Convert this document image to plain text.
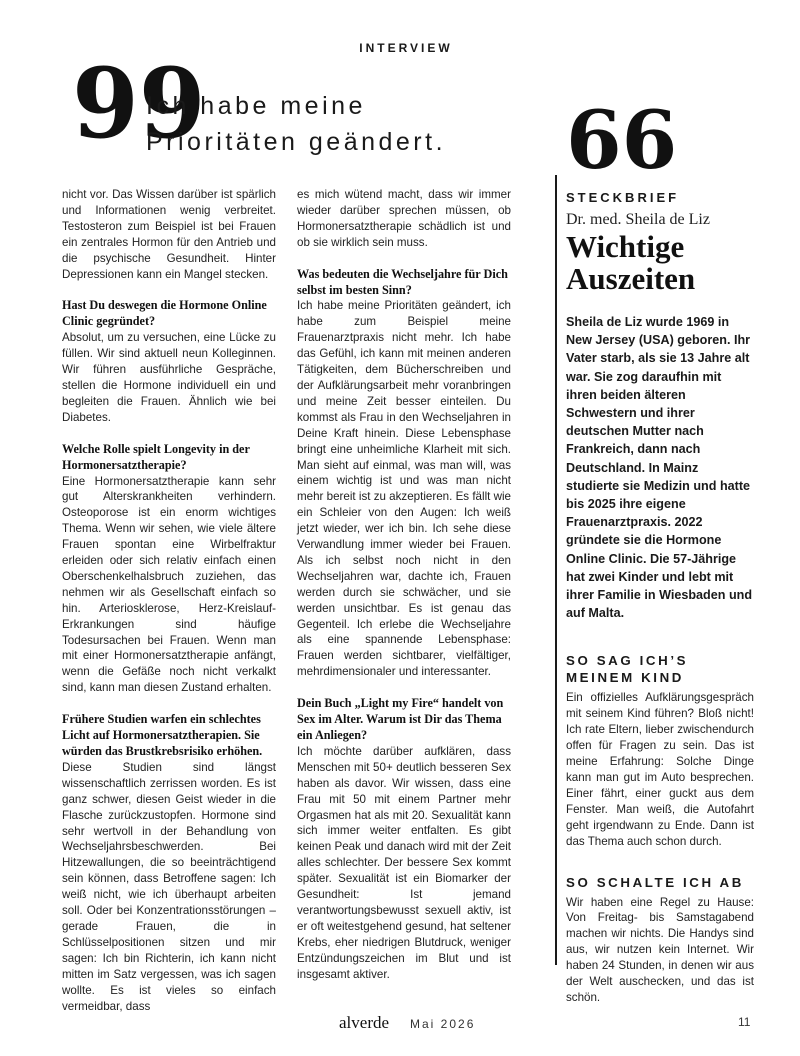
INTERVIEW
99
Ich habe meine
Prioritäten geändert.

nicht vor. Das Wissen darüber ist spärlich und Informationen wenig verbreitet. Testosteron zum Beispiel ist bei Frauen ein zentrales Hormon für den Antrieb und die psychische Gesundheit. Hinter Depressionen kann ein Mangel stecken.

Hast Du deswegen die Hormone Online Clinic gegründet?

Absolut, um zu versuchen, eine Lücke zu füllen. Wir sind aktuell neun Kolleginnen. Wir führen ausführliche Gespräche, stellen die Hormone individuell ein und begleiten die Frauen. Ähnlich wie bei Diabetes.

Welche Rolle spielt Longevity in der Hormonersatztherapie?

Eine Hormonersatztherapie kann sehr gut Alterskrankheiten verhindern. Osteoporose ist ein enorm wichtiges Thema. Wenn wir sehen, wie viele ältere Frauen spontan eine Wirbelfraktur erleiden oder sich relativ einfach einen Oberschenkelhalsbruch zuziehen, das nehmen wir als Gesellschaft einfach so hin. Arteriosklerose, Herz-Kreislauf-Erkrankungen sind häufige Todesursachen bei Frauen. Wenn man mit einer Hormonersatztherapie anfängt, wenn die Gefäße noch nicht verkalkt sind, kann man diesen Zustand erhalten.

Frühere Studien warfen ein schlechtes Licht auf Hormonersatztherapien. Sie würden das Brustkrebsrisiko erhöhen.

Diese Studien sind längst wissenschaftlich zerrissen worden. Es ist ganz schwer, diesen Geist wieder in die Flasche zurückzustopfen. Hormone sind sehr wertvoll in der Behandlung von Wechseljahrsbeschwerden. Bei Hitzewallungen, die so beeinträchtigend sein können, dass Betroffene sagen: Ich weiß nicht, wie ich überhaupt arbeiten soll. Oder bei Konzentrationsstörungen – gerade Frauen, die in Schlüsselpositionen sitzen und mir sagen: Ich bin Richterin, ich kann nicht mitten im Satz vergessen, was ich sagen wollte. Es ist vieles so einfach vermeidbar, dass

es mich wütend macht, dass wir immer wieder darüber sprechen müssen, ob Hormonersatztherapie schädlich ist und ob sie wirklich sein muss.

Was bedeuten die Wechseljahre für Dich selbst im besten Sinn?

Ich habe meine Prioritäten geändert, ich habe zum Beispiel meine Frauenarztpraxis nicht mehr. Ich habe das Gefühl, ich kann mit meinen anderen Tätigkeiten, dem Bücherschreiben und der Aufklärungsarbeit mehr voranbringen und meine Zeit besser einteilen. Du kommst als Frau in den Wechseljahren in Deine Kraft hinein. Diese Lebensphase bringt eine unheimliche Klarheit mit sich. Man sieht auf einmal, was man will, was einem wichtig ist und was man nicht mehr bereit ist zu akzeptieren. Es fällt wie ein Schleier von den Augen: Ich weiß jetzt wieder, wer ich bin. Ich sehe diese Verwandlung immer wieder bei Frauen. Als ich selbst noch nicht in den Wechseljahren war, dachte ich, Frauen werden durch sie schwächer, und sie werden unsichtbar. Es ist genau das Gegenteil. Ich erlebe die Wechseljahre als eine spannende Lebensphase: Frauen werden sichtbarer, vielfältiger, mehrdimensionaler und interessanter.

Dein Buch „Light my Fire“ handelt von Sex im Alter. Warum ist Dir das Thema ein Anliegen?

Ich möchte darüber aufklären, dass Menschen mit 50+ deutlich besseren Sex haben als davor. Wir wissen, dass eine Frau mit 50 mit einem Partner mehr Orgasmen hat als mit 20. Sexualität kann sich immer weiter entfalten. Es gibt keinen Peak und danach wird mit der Zeit alles schlechter. Der bessere Sex kommt später. Sexualität ist ein Biomarker der Gesundheit: Ist jemand verantwortungsbewusst sexuell aktiv, ist er oft weitestgehend gesund, hat seltener Krebs, eher niedrigen Blutdruck, weniger Entzündungszeichen im Blut und ist insgesamt aktiver.

66
STECKBRIEF
Dr. med. Sheila de Liz
Wichtige
Auszeiten

Sheila de Liz wurde 1969 in New Jersey (USA) geboren. Ihr Vater starb, als sie 13 Jahre alt war. Sie zog daraufhin mit ihren beiden älteren Schwestern und ihrer deutschen Mutter nach Frankreich, dann nach Deutschland. In Mainz studierte sie Medizin und hatte bis 2025 ihre eigene Frauenarztpraxis. 2022 gründete sie die Hormone Online Clinic. Die 57-Jährige hat zwei Kinder und lebt mit ihrer Familie in Wiesbaden und auf Malta.

SO SAG ICH’S MEINEM KIND

Ein offizielles Aufklärungsgespräch mit seinem Kind führen? Bloß nicht! Ich rate Eltern, lieber zwischendurch offen für Fragen zu sein. Das ist meine Erfahrung: Solche Dinge kann man gut im Auto besprechen. Einer fährt, einer guckt aus dem Fenster. Man weiß, die Autofahrt geht irgendwann zu Ende. Dann ist das Thema auch schon durch.

SO SCHALTE ICH AB

Wir haben eine Regel zu Hause: Von Freitag- bis Samstagabend machen wir nichts. Die Handys sind aus, wir nutzen kein Internet. Wir haben 24 Stunden, in denen wir aus der Welt auschecken, und das ist schön.

alverde Mai 2026	11
